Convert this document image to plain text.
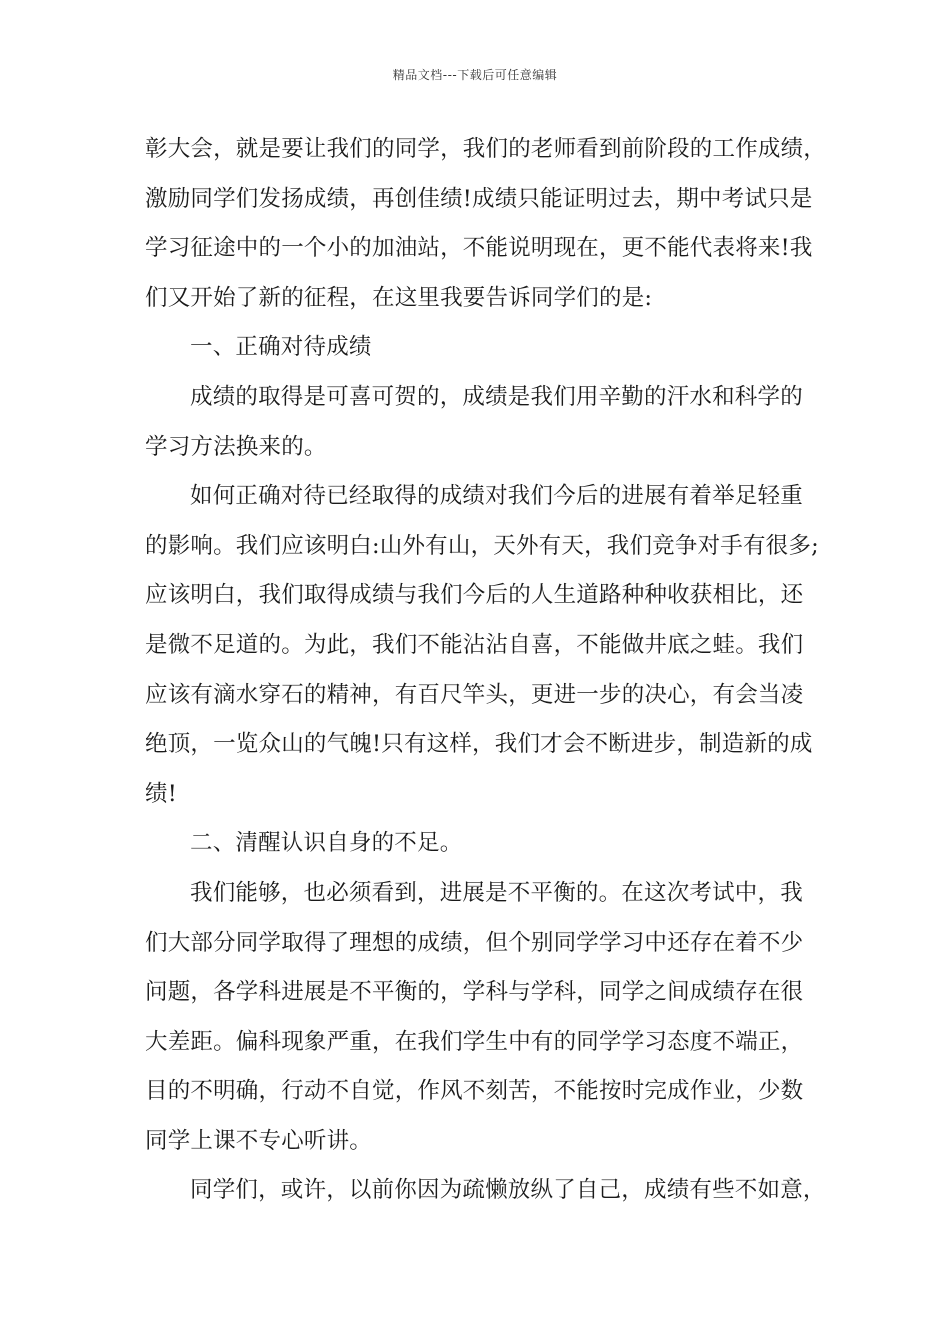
精品文档---下载后可任意编辑
彰大会，就是要让我们的同学，我们的老师看到前阶段的工作成绩，
激励同学们发扬成绩，再创佳绩!成绩只能证明过去，期中考试只是
学习征途中的一个小的加油站，不能说明现在，更不能代表将来!我
们又开始了新的征程，在这里我要告诉同学们的是:
一、正确对待成绩
成绩的取得是可喜可贺的，成绩是我们用辛勤的汗水和科学的
学习方法换来的。
如何正确对待已经取得的成绩对我们今后的进展有着举足轻重
的影响。我们应该明白:山外有山，天外有天，我们竞争对手有很多;
应该明白，我们取得成绩与我们今后的人生道路种种收获相比，还
是微不足道的。为此，我们不能沾沾自喜，不能做井底之蛙。我们
应该有滴水穿石的精神，有百尺竿头，更进一步的决心，有会当凌
绝顶，一览众山的气魄!只有这样，我们才会不断进步，制造新的成
绩!
二、清醒认识自身的不足。
我们能够，也必须看到，进展是不平衡的。在这次考试中，我
们大部分同学取得了理想的成绩，但个别同学学习中还存在着不少
问题，各学科进展是不平衡的，学科与学科，同学之间成绩存在很
大差距。偏科现象严重，在我们学生中有的同学学习态度不端正，
目的不明确，行动不自觉，作风不刻苦，不能按时完成作业，少数
同学上课不专心听讲。
同学们，或许，以前你因为疏懒放纵了自己，成绩有些不如意，
